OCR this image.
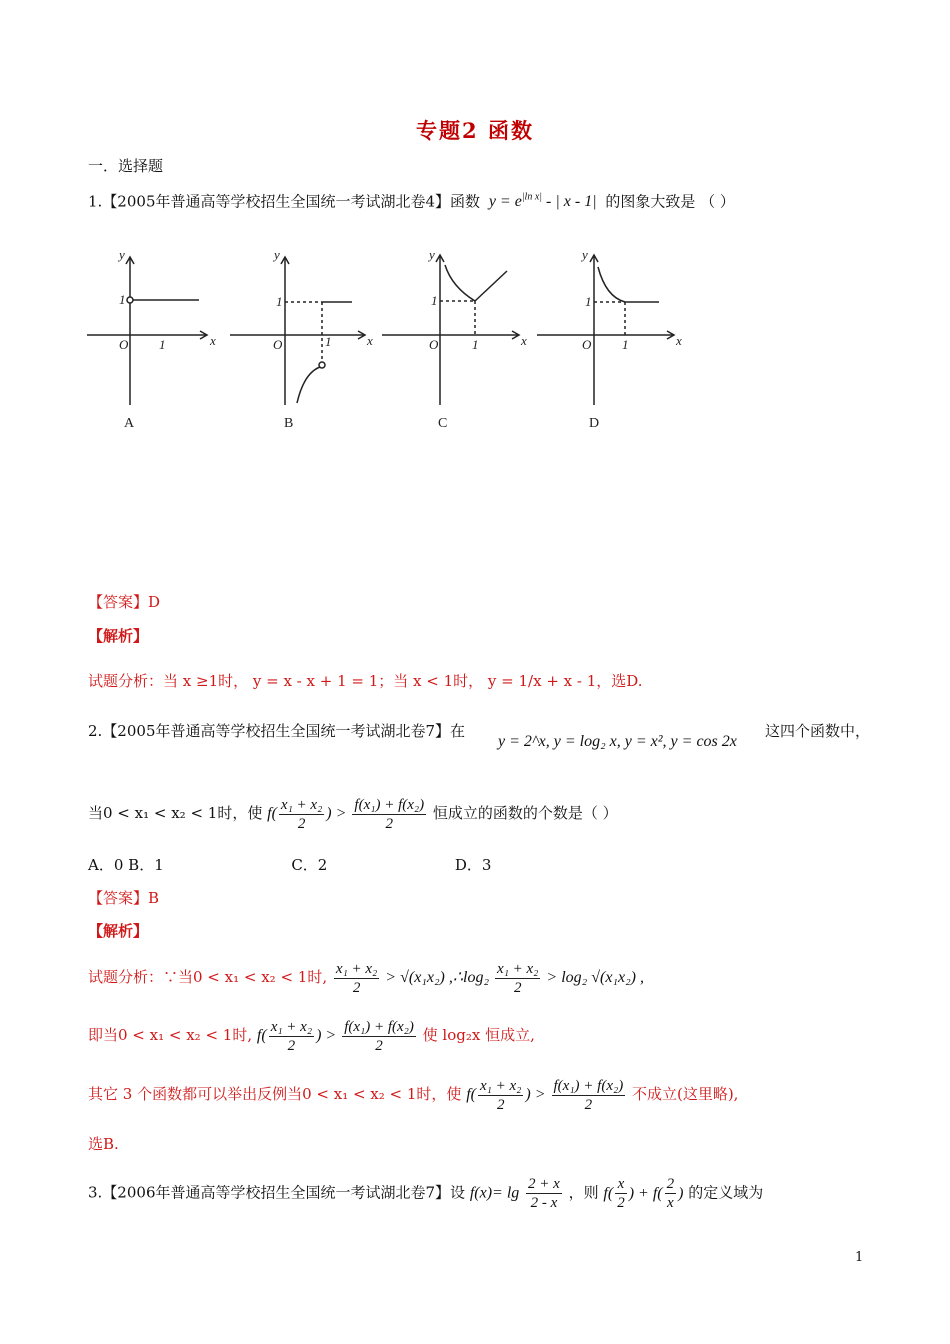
专题2 函数
一．选择题
1.【2005年普通高等学校招生全国统一考试湖北卷4】函数  $y = e^{|ln x|}$ - | x - 1|  的图象大致是 （ ）
y
x
O
1
1
y
x
O
1
1
y
x
O
1
1
y
x
O
1
1
A	B	C	D
【答案】D
【解析】
试题分析：当 x ≥1时， y = x - x + 1 = 1；当 x < 1时， y = 1/x + x - 1，选D.
2.【2005年普通高等学校招生全国统一考试湖北卷7】在
y = 2^x, y = log₂ x, y = x², y = cos 2x
这四个函数中，
当0 < x₁ < x₂ < 1时，使 $f( \frac{\text{x₁ + x₂}}{2}$ ) > $\frac{\text{f(x₁) + f(x₂)}}{2}$ 恒成立的函数的个数是（ ）
A．0 B．1	C．2	D．3
【答案】B
【解析】
试题分析：∵当0 < x₁ < x₂ < 1时, $\frac{\text{x₁ + x₂}}{2} > √(x_1x_2)$ ,∴log₂ $\frac{\text{x₁ + x₂}}{2} > \log_2$ √(x₁x₂) ,
即当0 < x₁ < x₂ < 1时, $f( \frac{\text{x₁ + x₂}}{2}$ ) > $\frac{\text{f(x₁) + f(x₂)}}{2}$ 使 log₂x 恒成立,
其它 3 个函数都可以举出反例当0 < x₁ < x₂ < 1时，使 $f( \frac{\text{x₁ + x₂}}{2}$ ) > $\frac{\text{f(x₁) + f(x₂)}}{2}$ 不成立(这里略),
选B.
3.【2006年普通高等学校招生全国统一考试湖北卷7】设 $f(x)= \lg \frac{2 + x}{2 - x}$ ，则 $f( \frac{x}{2}$ ) + $f( \frac{2}{x}$ ) 的定义域为
1
